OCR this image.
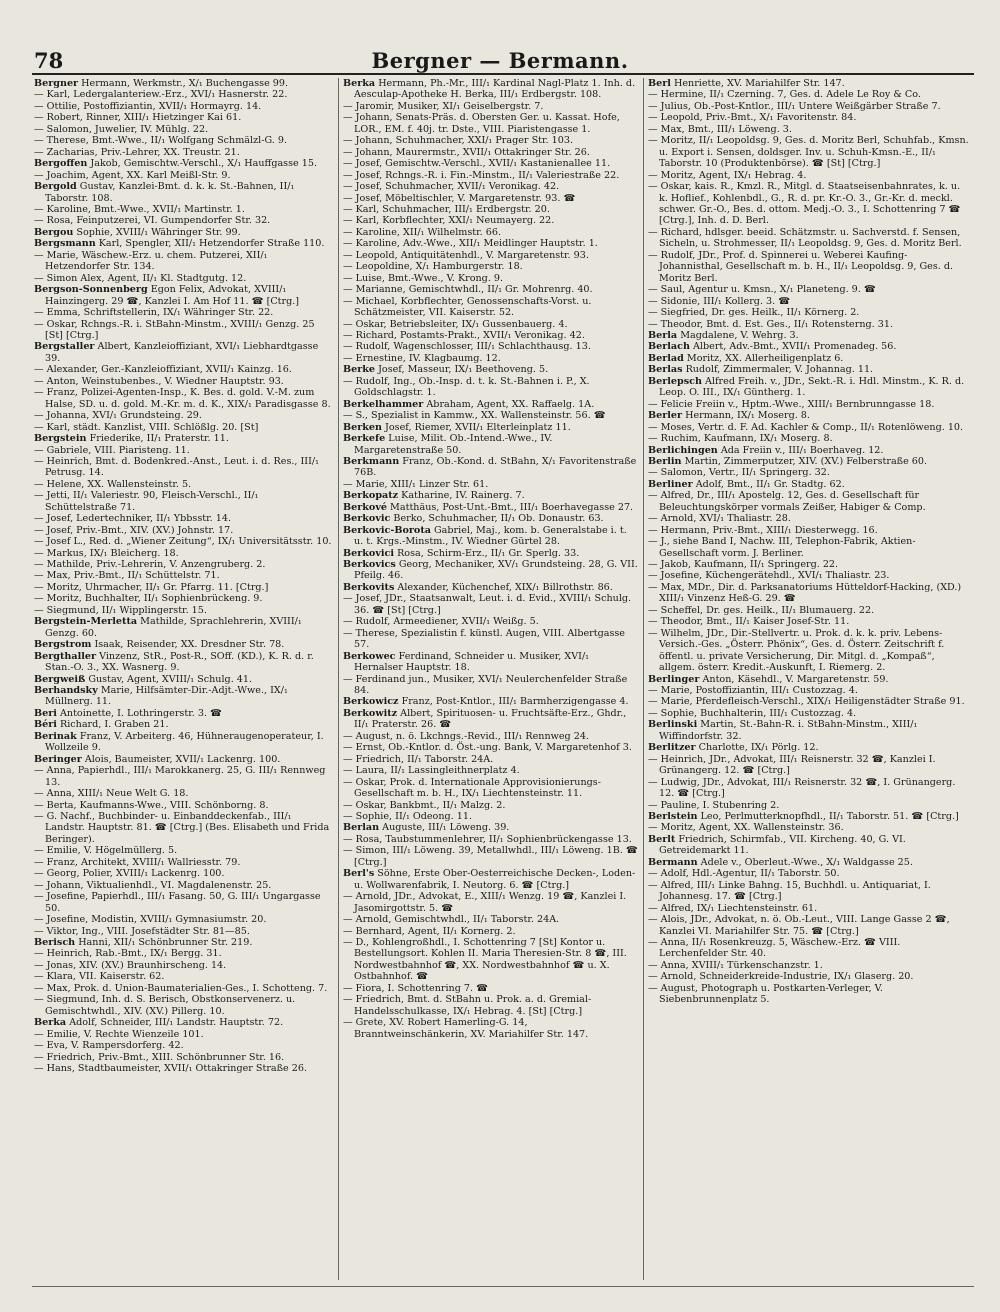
78	Bergner — Bermann.

Bergner Hermann, Werkmstr., X/₁ Buchengasse 99.

— Karl, Ledergalanteriew.-Erz., XVI/₁ Hasnerstr. 22.

— Ottilie, Postoffiziantin, XVII/₁ Hormayrg. 14.

— Robert, Rinner, XIII/₁ Hietzinger Kai 61.

— Salomon, Juwelier, IV. Mühlg. 22.

— Therese, Bmt.-Wwe., II/₁ Wolfgang Schmälzl-G. 9.

— Zacharias, Priv.-Lehrer, XX. Treustr. 21.

Bergoffen Jakob, Gemischtw.-Verschl., X/₁ Hauffgasse 15.

— Joachim, Agent, XX. Karl Meißl-Str. 9.

Bergold Gustav, Kanzlei-Bmt. d. k. k. St.-Bahnen, II/₁ Taborstr. 108.

— Karoline, Bmt.-Wwe., XVII/₁ Martinstr. 1.

— Rosa, Feinputzerei, VI. Gumpendorfer Str. 32.

Bergou Sophie, XVIII/₁ Währinger Str. 99.

Bergsmann Karl, Spengler, XII/₁ Hetzendorfer Straße 110.

— Marie, Wäschew.-Erz. u. chem. Putzerei, XII/₁ Hetzendorfer Str. 134.

— Simon Alex, Agent, II/₁ Kl. Stadtgutg. 12.

Bergson-Sonnenberg Egon Felix, Advokat, XVIII/₁ Hainzingerg. 29 ☎, Kanzlei I. Am Hof 11. ☎ [Ctrg.]

— Emma, Schriftstellerin, IX/₁ Währinger Str. 22.

— Oskar, Rchngs.-R. i. StBahn-Minstm., XVIII/₁ Genzg. 25 [St] [Ctrg.]

Bergstaller Albert, Kanzleioffiziant, XVI/₁ Liebhardtgasse 39.

— Alexander, Ger.-Kanzleioffiziant, XVII/₁ Kainzg. 16.

— Anton, Weinstubenbes., V. Wiedner Hauptstr. 93.

— Franz, Polizei-Agenten-Insp., K. Bes. d. gold. V.-M. zum Halse, SD. u. d. gold. M.-Kr. m. d. K., XIX/₁ Paradisgasse 8.

— Johanna, XVI/₁ Grundsteing. 29.

— Karl, städt. Kanzlist, VIII. Schlößlg. 20. [St]

Bergstein Friederike, II/₁ Praterstr. 11.

— Gabriele, VIII. Piaristeng. 11.

— Heinrich, Bmt. d. Bodenkred.-Anst., Leut. i. d. Res., III/₁ Petrusg. 14.

— Helene, XX. Wallensteinstr. 5.

— Jetti, II/₁ Valeriestr. 90, Fleisch-Verschl., II/₁ Schüttelstraße 71.

— Josef, Ledertechniker, II/₁ Ybbsstr. 14.

— Josef, Priv.-Bmt., XIV. (XV.) Johnstr. 17.

— Josef L., Red. d. „Wiener Zeitung“, IX/₁ Universitätsstr. 10.

— Markus, IX/₁ Bleicherg. 18.

— Mathilde, Priv.-Lehrerin, V. Anzengruberg. 2.

— Max, Priv.-Bmt., II/₁ Schüttelstr. 71.

— Moritz, Uhrmacher, II/₁ Gr. Pfarrg. 11. [Ctrg.]

— Moritz, Buchhalter, II/₁ Sophienbrückeng. 9.

— Siegmund, II/₁ Wipplingerstr. 15.

Bergstein-Merletta Mathilde, Sprachlehrerin, XVIII/₁ Genzg. 60.

Bergstrom Isaak, Reisender, XX. Dresdner Str. 78.

Bergthaller Vinzenz, StR., Post-R., SOff. (KD.), K. R. d. r. Stan.-O. 3., XX. Wasnerg. 9.

Bergweiß Gustav, Agent, XVIII/₁ Schulg. 41.

Berhandsky Marie, Hilfsämter-Dir.-Adjt.-Wwe., IX/₁ Müllnerg. 11.

Beri Antoinette, I. Lothringerstr. 3. ☎

Béri Richard, I. Graben 21.

Berinak Franz, V. Arbeiterg. 46, Hühneraugenoperateur, I. Wollzeile 9.

Beringer Alois, Baumeister, XVII/₁ Lackenrg. 100.

— Anna, Papierhdl., III/₁ Marokkanerg. 25, G. III/₁ Rennweg 13.

— Anna, XIII/₁ Neue Welt G. 18.

— Berta, Kaufmanns-Wwe., VIII. Schönborng. 8.

— G. Nachf., Buchbinder- u. Einbanddeckenfab., III/₁ Landstr. Hauptstr. 81. ☎ [Ctrg.] (Bes. Elisabeth und Frida Beringer).

— Emilie, V. Högelmüllerg. 5.

— Franz, Architekt, XVIII/₁ Wallriesstr. 79.

— Georg, Polier, XVIII/₁ Lackenrg. 100.

— Johann, Viktualienhdl., VI. Magdalenenstr. 25.

— Josefine, Papierhdl., III/₁ Fasang. 50, G. III/₁ Ungargasse 50.

— Josefine, Modistin, XVIII/₁ Gymnasiumstr. 20.

— Viktor, Ing., VIII. Josefstädter Str. 81—85.

Berisch Hanni, XII/₁ Schönbrunner Str. 219.

— Heinrich, Rab.-Bmt., IX/₁ Bergg. 31.

— Jonas, XIV. (XV.) Braunhirscheng. 14.

— Klara, VII. Kaiserstr. 62.

— Max, Prok. d. Union-Baumaterialien-Ges., I. Schotteng. 7.

— Siegmund, Inh. d. S. Berisch, Obstkonservenerz. u. Gemischtwhdl., XIV. (XV.) Pillerg. 10.

Berka Adolf, Schneider, III/₁ Landstr. Hauptstr. 72.

— Emilie, V. Rechte Wienzeile 101.

— Eva, V. Rampersdorferg. 42.

— Friedrich, Priv.-Bmt., XIII. Schönbrunner Str. 16.

— Hans, Stadtbaumeister, XVII/₁ Ottakringer Straße 26.

Berka Hermann, Ph.-Mr., III/₁ Kardinal Nagl-Platz 1. Inh. d. Aesculap-Apotheke H. Berka, III/₁ Erdbergstr. 108.

— Jaromir, Musiker, XI/₁ Geiselbergstr. 7.

— Johann, Senats-Präs. d. Obersten Ger. u. Kassat. Hofe, LOR., EM. f. 40j. tr. Dste., VIII. Piaristengasse 1.

— Johann, Schuhmacher, XXI/₁ Prager Str. 103.

— Johann, Maurermstr., XVII/₁ Ottakringer Str. 26.

— Josef, Gemischtw.-Verschl., XVII/₁ Kastanienallee 11.

— Josef, Rchngs.-R. i. Fin.-Minstm., II/₁ Valeriestraße 22.

— Josef, Schuhmacher, XVII/₁ Veronikag. 42.

— Josef, Möbeltischler, V. Margaretenstr. 93. ☎

— Karl, Schuhmacher, III/₁ Erdbergstr. 20.

— Karl, Korbflechter, XXI/₁ Neumayerg. 22.

— Karoline, XII/₁ Wilhelmstr. 66.

— Karoline, Adv.-Wwe., XII/₁ Meidlinger Hauptstr. 1.

— Leopold, Antiquitätenhdl., V. Margaretenstr. 93.

— Leopoldine, X/₁ Hamburgerstr. 18.

— Luise, Bmt.-Wwe., V. Krong. 9.

— Marianne, Gemischtwhdl., II/₁ Gr. Mohrenrg. 40.

— Michael, Korbflechter, Genossenschafts-Vorst. u. Schätzmeister, VII. Kaiserstr. 52.

— Oskar, Betriebsleiter, IX/₁ Gussenbauerg. 4.

— Richard, Postamts-Prakt., XVII/₁ Veronikag. 42.

— Rudolf, Wagenschlosser, III/₁ Schlachthausg. 13.

— Ernestine, IV. Klagbaumg. 12.

Berke Josef, Masseur, IX/₁ Beethoveng. 5.

— Rudolf, Ing., Ob.-Insp. d. t. k. St.-Bahnen i. P., X. Goldschlagstr. 1.

Berkelhammer Abraham, Agent, XX. Raffaelg. 1A.

— S., Spezialist in Kammw., XX. Wallensteinstr. 56. ☎

Berken Josef, Riemer, XVII/₁ Elterleinplatz 11.

Berkefe Luise, Milit. Ob.-Intend.-Wwe., IV. Margaretenstraße 50.

Berkmann Franz, Ob.-Kond. d. StBahn, X/₁ Favoritenstraße 76B.

— Marie, XIII/₁ Linzer Str. 61.

Berkopatz Katharine, IV. Rainerg. 7.

Berkové Matthäus, Post-Unt.-Bmt., III/₁ Boerhavegasse 27.

Berkovic Berko, Schuhmacher, II/₁ Ob. Donaustr. 63.

Berkovic-Borota Gabriel, Maj., kom. b. Generalstabe i. t. u. t. Krgs.-Minstm., IV. Wiedner Gürtel 28.

Berkovici Rosa, Schirm-Erz., II/₁ Gr. Sperlg. 33.

Berkovics Georg, Mechaniker, XV/₁ Grundsteing. 28, G. VII. Pfeilg. 46.

Berkovits Alexander, Küchenchef, XIX/₁ Billrothstr. 86.

— Josef, JDr., Staatsanwalt, Leut. i. d. Evid., XVIII/₁ Schulg. 36. ☎ [St] [Ctrg.]

— Rudolf, Armeediener, XVII/₁ Weißg. 5.

— Therese, Spezialistin f. künstl. Augen, VIII. Albertgasse 57.

Berkowec Ferdinand, Schneider u. Musiker, XVI/₁ Hernalser Hauptstr. 18.

— Ferdinand jun., Musiker, XVI/₁ Neulerchenfelder Straße 84.

Berkowicz Franz, Post-Kntlor., III/₁ Barmherzigengasse 4.

Berkowitz Albert, Spirituosen- u. Fruchtsäfte-Erz., Ghdr., II/₁ Praterstr. 26. ☎

— August, n. ö. Lkchngs.-Revid., III/₁ Rennweg 24.

— Ernst, Ob.-Kntlor. d. Öst.-ung. Bank, V. Margaretenhof 3.

— Friedrich, II/₁ Taborstr. 24A.

— Laura, II/₁ Lassingleithnerplatz 4.

— Oskar, Prok. d. Internationale Approvisionierungs-Gesellschaft m. b. H., IX/₁ Liechtensteinstr. 11.

— Oskar, Bankbmt., II/₁ Malzg. 2.

— Sophie, II/₁ Odeong. 11.

Berlan Auguste, III/₁ Löweng. 39.

— Rosa, Taubstummenlehrer, II/₁ Sophienbrückengasse 13.

— Simon, III/₁ Löweng. 39, Metallwhdl., III/₁ Löweng. 1B. ☎ [Ctrg.]

Berl's Söhne, Erste Ober-Oesterreichische Decken-, Loden- u. Wollwarenfabrik, I. Neutorg. 6. ☎ [Ctrg.]

— Arnold, JDr., Advokat, E., XIII/₁ Wenzg. 19 ☎, Kanzlei I. Jasomirgottstr. 5. ☎

— Arnold, Gemischtwhdl., II/₁ Taborstr. 24A.

— Bernhard, Agent, II/₁ Kornerg. 2.

— D., Kohlengroßhdl., I. Schottenring 7 [St] Kontor u. Bestellungsort. Kohlen II. Maria Theresien-Str. 8 ☎, III. Nordwestbahnhof ☎, XX. Nordwestbahnhof ☎ u. X. Ostbahnhof. ☎

— Fiora, I. Schottenring 7. ☎

— Friedrich, Bmt. d. StBahn u. Prok. a. d. Gremial-Handelsschulkasse, IX/₁ Hebrag. 4. [St] [Ctrg.]

— Grete, XV. Robert Hamerling-G. 14, Branntweinschänkerin, XV. Mariahilfer Str. 147.

Berl Henriette, XV. Mariahilfer Str. 147.

— Hermine, II/₁ Czerning. 7, Ges. d. Adele Le Roy & Co.

— Julius, Ob.-Post-Kntlor., III/₁ Untere Weißgärber Straße 7.

— Leopold, Priv.-Bmt., X/₁ Favoritenstr. 84.

— Max, Bmt., III/₁ Löweng. 3.

— Moritz, II/₁ Leopoldsg. 9, Ges. d. Moritz Berl, Schuhfab., Kmsn. u. Export i. Sensen, doldsger. Inv. u. Schuh-Kmsn.-E., II/₁ Taborstr. 10 (Produktenbörse). ☎ [St] [Ctrg.]

— Moritz, Agent, IX/₁ Hebrag. 4.

— Oskar, kais. R., Kmzl. R., Mitgl. d. Staatseisenbahnrates, k. u. k. Hoflief., Kohlenbdl., G., R. d. pr. Kr.-O. 3., Gr.-Kr. d. meckl. schwer. Gr.-O., Bes. d. ottom. Medj.-O. 3., I. Schottenring 7 ☎ [Ctrg.], Inh. d. D. Berl.

— Richard, hdlsger. beeid. Schätzmstr. u. Sachverstd. f. Sensen, Sicheln, u. Strohmesser, II/₁ Leopoldsg. 9, Ges. d. Moritz Berl.

— Rudolf, JDr., Prof. d. Spinnerei u. Weberei Kaufing-Johannisthal, Gesellschaft m. b. H., II/₁ Leopoldsg. 9, Ges. d. Moritz Berl.

— Saul, Agentur u. Kmsn., X/₁ Planeteng. 9. ☎

— Sidonie, III/₁ Kollerg. 3. ☎

— Siegfried, Dr. ges. Heilk., II/₁ Körnerg. 2.

— Theodor, Bmt. d. Est. Ges., II/₁ Rotensterng. 31.

Berla Magdalene, V. Wehrg. 3.

Berlach Albert, Adv.-Bmt., XVII/₁ Promenadeg. 56.

Berlad Moritz, XX. Allerheiligenplatz 6.

Berlas Rudolf, Zimmermaler, V. Johannag. 11.

Berlepsch Alfred Freih. v., JDr., Sekt.-R. i. Hdl. Minstm., K. R. d. Leop. O. III., IX/₁ Güntherg. 1.

— Felicie Freiin v., Hptm.-Wwe., XIII/₁ Bernbrunngasse 18.

Berler Hermann, IX/₁ Moserg. 8.

— Moses, Vertr. d. F. Ad. Kachler & Comp., II/₁ Rotenlöweng. 10.

— Ruchim, Kaufmann, IX/₁ Moserg. 8.

Berlichingen Ada Freiin v., III/₁ Boerhaveg. 12.

Berlin Martin, Zimmerputzer, XIV. (XV.) Felberstraße 60.

— Salomon, Vertr., II/₁ Springerg. 32.

Berliner Adolf, Bmt., II/₁ Gr. Stadtg. 62.

— Alfred, Dr., III/₁ Apostelg. 12, Ges. d. Gesellschaft für Beleuchtungskörper vormals Zeißer, Habiger & Comp.

— Arnold, XVI/₁ Thaliastr. 28.

— Hermann, Priv.-Bmt., XIII/₁ Diesterwegg. 16.

— J., siehe Band I, Nachw. III, Telephon-Fabrik, Aktien-Gesellschaft vorm. J. Berliner.

— Jakob, Kaufmann, II/₁ Springerg. 22.

— Josefine, Küchengerätehdl., XVI/₁ Thaliastr. 23.

— Max, MDr., Dir. d. Parksanatoriums Hütteldorf-Hacking, (XD.) XIII/₁ Vinzenz Heß-G. 29. ☎

— Scheffel, Dr. ges. Heilk., II/₁ Blumauerg. 22.

— Theodor, Bmt., II/₁ Kaiser Josef-Str. 11.

— Wilhelm, JDr., Dir.-Stellvertr. u. Prok. d. k. k. priv. Lebens-Versich.-Ges. „Österr. Phönix“, Ges. d. Österr. Zeitschrift f. öffentl. u. private Versicherung, Dir. Mitgl. d. „Kompaß“, allgem. österr. Kredit.-Auskunft, I. Riemerg. 2.

Berlinger Anton, Käsehdl., V. Margaretenstr. 59.

— Marie, Postoffiziantin, III/₁ Custozzag. 4.

— Marie, Pferdefleisch-Verschl., XIX/₁ Heiligenstädter Straße 91.

— Sophie, Buchhalterin, III/₁ Custozzag. 4.

Berlinski Martin, St.-Bahn-R. i. StBahn-Minstm., XIII/₁ Wiffindorfstr. 32.

Berlitzer Charlotte, IX/₁ Pörlg. 12.

— Heinrich, JDr., Advokat, III/₁ Reisnerstr. 32 ☎, Kanzlei I. Grünangerg. 12. ☎ [Ctrg.]

— Ludwig, JDr., Advokat, III/₁ Reisnerstr. 32 ☎, I. Grünangerg. 12. ☎ [Ctrg.]

— Pauline, I. Stubenring 2.

Berlstein Leo, Perlmutterknopfhdl., II/₁ Taborstr. 51. ☎ [Ctrg.]

— Moritz, Agent, XX. Wallensteinstr. 36.

Berlt Friedrich, Schirmfab., VII. Kircheng. 40, G. VI. Getreidemarkt 11.

Bermann Adele v., Oberleut.-Wwe., X/₁ Waldgasse 25.

— Adolf, Hdl.-Agentur, II/₁ Taborstr. 50.

— Alfred, III/₁ Linke Bahng. 15, Buchhdl. u. Antiquariat, I. Johannesg. 17. ☎ [Ctrg.]

— Alfred, IX/₁ Liechtensteinstr. 61.

— Alois, JDr., Advokat, n. ö. Ob.-Leut., VIII. Lange Gasse 2 ☎, Kanzlei VI. Mariahilfer Str. 75. ☎ [Ctrg.]

— Anna, II/₁ Rosenkreuzg. 5, Wäschew.-Erz. ☎ VIII. Lerchenfelder Str. 40.

— Anna, XVIII/₁ Türkenschanzstr. 1.

— Arnold, Schneiderkreide-Industrie, IX/₁ Glaserg. 20.

— August, Photograph u. Postkarten-Verleger, V. Siebenbrunnenplatz 5.
